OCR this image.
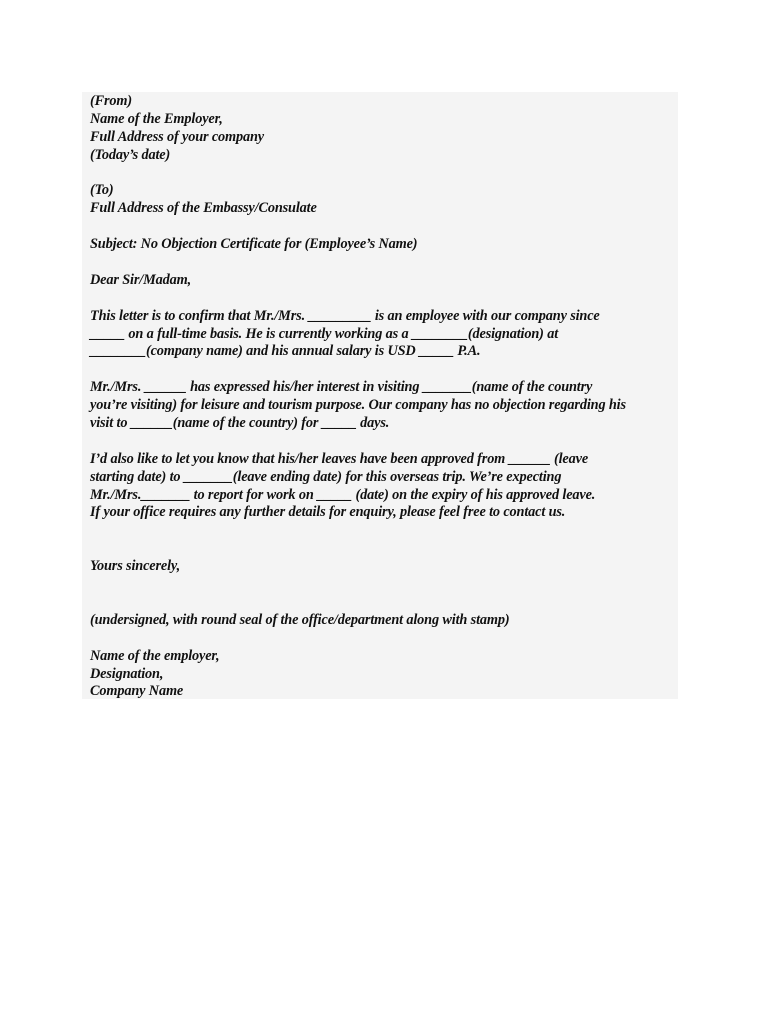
(From)
Name of the Employer,
Full Address of your company
(Today’s date)
(To)
Full Address of the Embassy/Consulate
Subject: No Objection Certificate for (Employee’s Name)
Dear Sir/Madam,
This letter is to confirm that Mr./Mrs. _________ is an employee with our company since
_____ on a full-time basis. He is currently working as a ________(designation) at
________(company name) and his annual salary is USD _____ P.A.
Mr./Mrs. ______ has expressed his/her interest in visiting _______(name of the country
you’re visiting) for leisure and tourism purpose. Our company has no objection regarding his
visit to ______(name of the country) for _____ days.
I’d also like to let you know that his/her leaves have been approved from ______ (leave
starting date) to _______(leave ending date) for this overseas trip. We’re expecting
Mr./Mrs._______ to report for work on _____ (date) on the expiry of his approved leave.
If your office requires any further details for enquiry, please feel free to contact us.
Yours sincerely,
(undersigned, with round seal of the office/department along with stamp)
Name of the employer,
Designation,
Company Name
